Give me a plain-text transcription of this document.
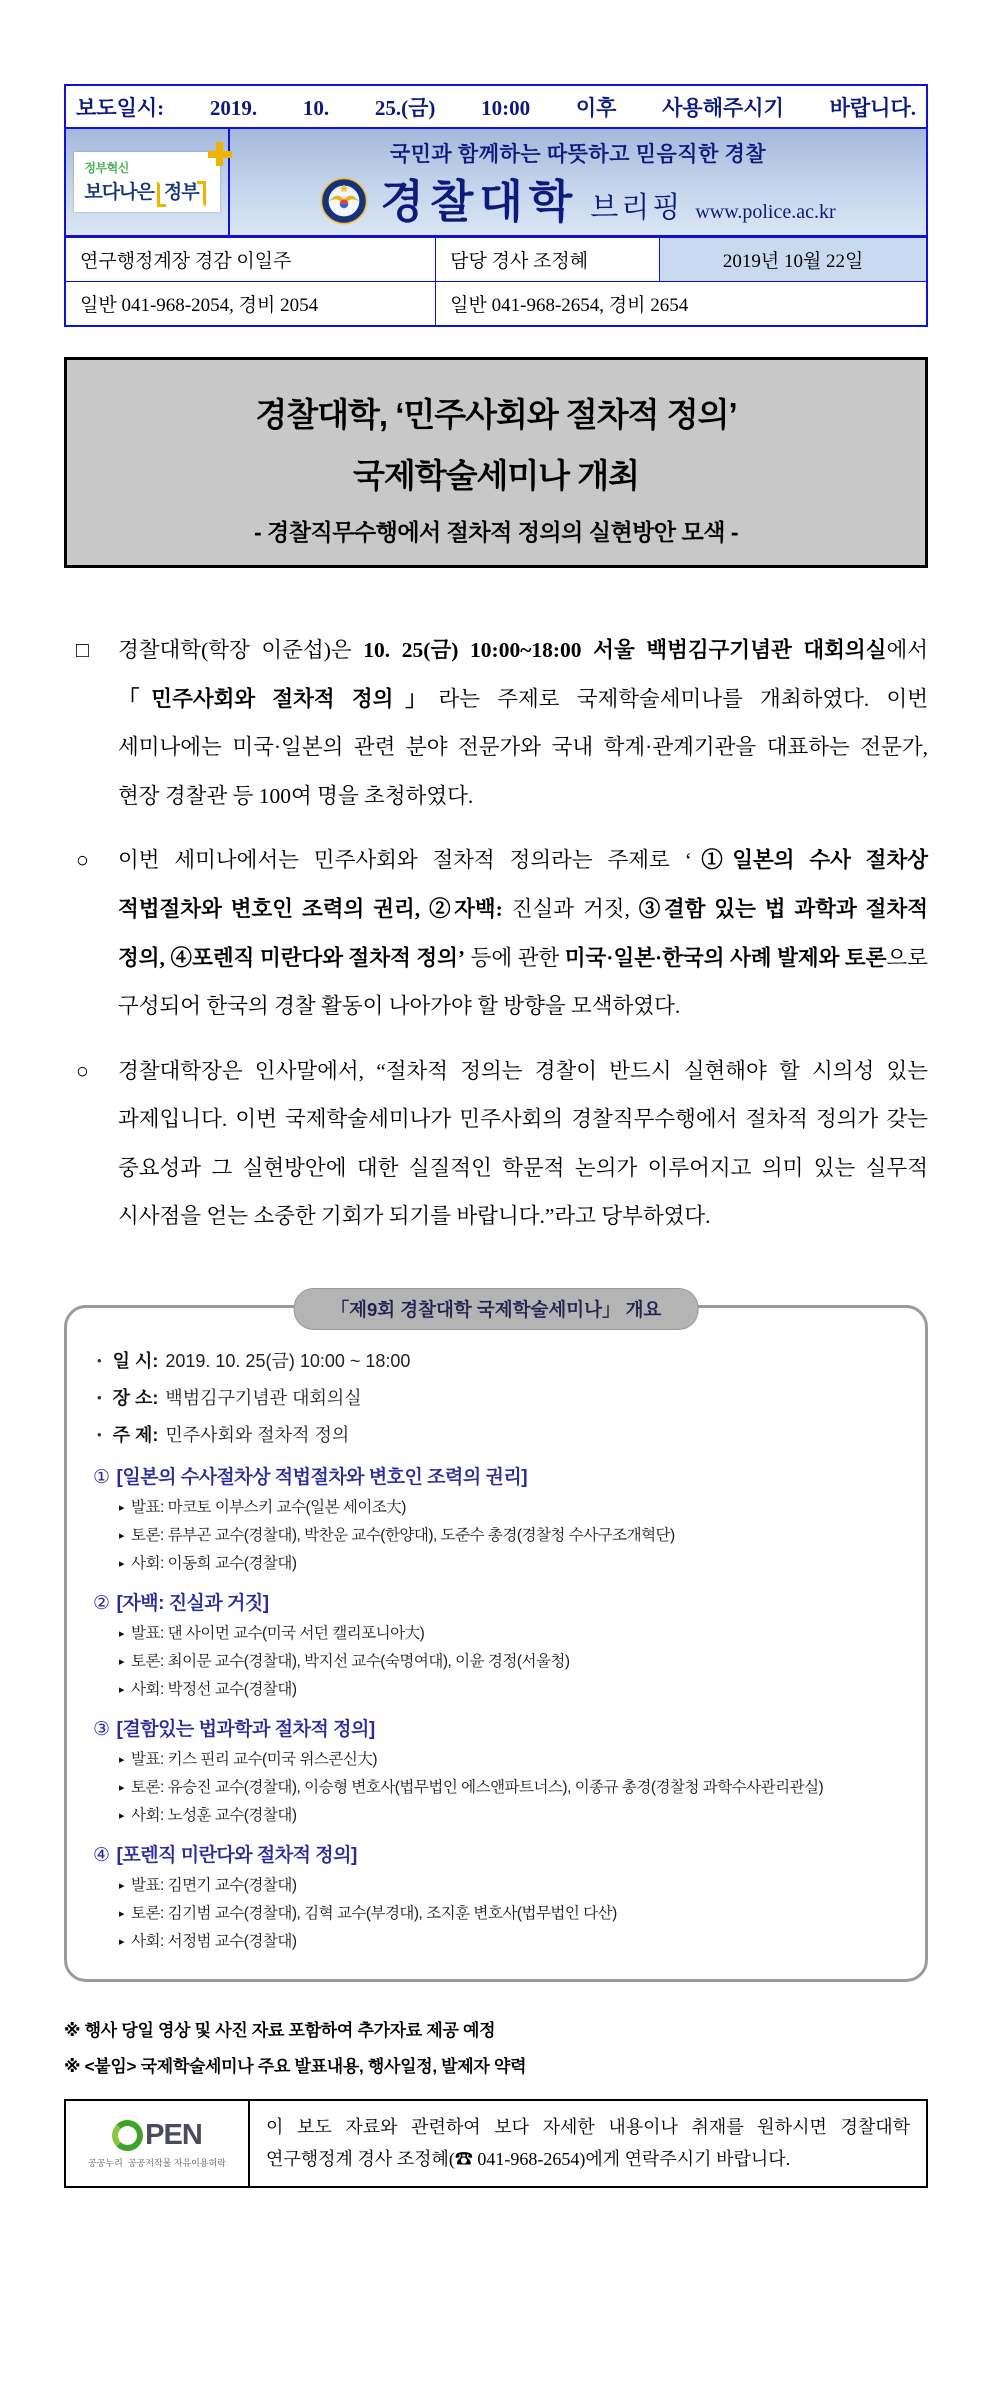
보도일시: 2019. 10. 25.(금) 10:00 이후 사용해주시기 바랍니다.
정부혁신
보다나은 정부
국민과 함께하는 따뜻하고 믿음직한 경찰
경찰대학 브리핑 www.police.ac.kr
연구행정계장 경감 이일주	담당 경사 조정혜	2019년 10월 22일
일반 041-968-2054, 경비 2054	일반 041-968-2654, 경비 2654	
경찰대학, ‘민주사회와 절차적 정의’
국제학술세미나 개최
- 경찰직무수행에서 절차적 정의의 실현방안 모색 -
□	경찰대학(학장 이준섭)은 10. 25(금) 10:00~18:00 서울 백범김구기념관 대회의실에서 「민주사회와 절차적 정의」라는 주제로 국제학술세미나를 개최하였다. 이번 세미나에는 미국·일본의 관련 분야 전문가와 국내 학계·관계기관을 대표하는 전문가, 현장 경찰관 등 100여 명을 초청하였다.
○	이번 세미나에서는 민주사회와 절차적 정의라는 주제로 ‘①일본의 수사 절차상 적법절차와 변호인 조력의 권리, ②자백: 진실과 거짓, ③결함 있는 법 과학과 절차적 정의, ④포렌직 미란다와 절차적 정의’ 등에 관한 미국·일본·한국의 사례 발제와 토론으로 구성되어 한국의 경찰 활동이 나아가야 할 방향을 모색하였다.
○	경찰대학장은 인사말에서, “절차적 정의는 경찰이 반드시 실현해야 할 시의성 있는 과제입니다. 이번 국제학술세미나가 민주사회의 경찰직무수행에서 절차적 정의가 갖는 중요성과 그 실현방안에 대한 실질적인 학문적 논의가 이루어지고 의미 있는 실무적 시사점을 얻는 소중한 기회가 되기를 바랍니다.”라고 당부하였다.
「제9회 경찰대학 국제학술세미나」 개요
• 일 시: 2019. 10. 25(금) 10:00 ~ 18:00
• 장 소: 백범김구기념관 대회의실
• 주 제: 민주사회와 절차적 정의
① [일본의 수사절차상 적법절차와 변호인 조력의 권리]
▸ 발표: 마코토 이부스키 교수(일본 세이조大)
▸ 토론: 류부곤 교수(경찰대), 박찬운 교수(한양대), 도준수 총경(경찰청 수사구조개혁단)
▸ 사회: 이동희 교수(경찰대)
② [자백: 진실과 거짓]
▸ 발표: 댄 사이먼 교수(미국 서던 캘리포니아大)
▸ 토론: 최이문 교수(경찰대), 박지선 교수(숙명여대), 이윤 경정(서울청)
▸ 사회: 박정선 교수(경찰대)
③ [결함있는 법과학과 절차적 정의]
▸ 발표: 키스 핀리 교수(미국 위스콘신大)
▸ 토론: 유승진 교수(경찰대), 이승형 변호사(법무법인 에스앤파트너스), 이종규 총경(경찰청 과학수사관리관실)
▸ 사회: 노성훈 교수(경찰대)
④ [포렌직 미란다와 절차적 정의]
▸ 발표: 김면기 교수(경찰대)
▸ 토론: 김기범 교수(경찰대), 김혁 교수(부경대), 조지훈 변호사(법무법인 다산)
▸ 사회: 서정범 교수(경찰대)
※ 행사 당일 영상 및 사진 자료 포함하여 추가자료 제공 예정
※ <붙임> 국제학술세미나 주요 발표내용, 행사일정, 발제자 약력
PEN
공공누리 공공저작물 자유이용허락
이 보도 자료와 관련하여 보다 자세한 내용이나 취재를 원하시면 경찰대학 연구행정계 경사 조정혜(☎ 041-968-2654)에게 연락주시기 바랍니다.
